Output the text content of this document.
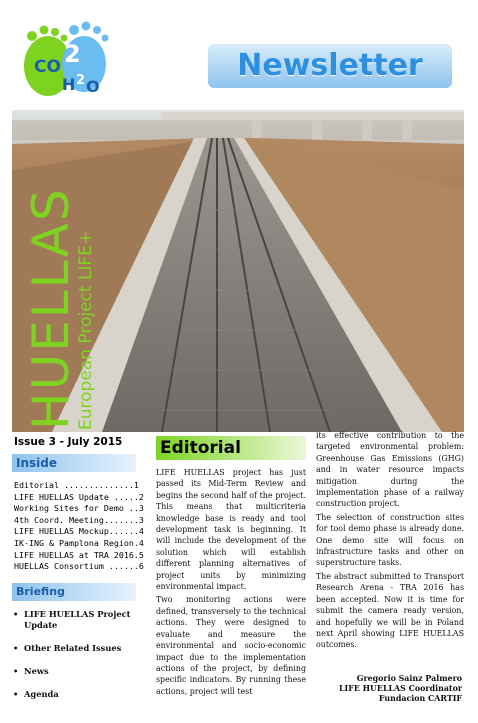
CO 2
H 2 O
Newsletter
HUELLAS
European Project LIFE+
Issue 3 - July 2015
Inside
Editorial ..............1
LIFE HUELLAS Update .....2
Working Sites for Demo ..3
4th Coord. Meeting.......3
LIFE HUELLAS Mockup......4
IK-ING & Pamplona Region.4
LIFE HUELLAS at TRA 2016.5
HUELLAS Consortium ......6
Briefing
• LIFE HUELLAS Project Update
• Other Related Issues
• News
• Agenda
Editorial

LIFE HUELLAS project has just passed its Mid-Term Review and begins the second half of the project. This means that multicriteria knowledge base is ready and tool development task is beginning. It will include the development of the solution which will establish different planning alternatives of project units by minimizing environmental impact.

Two monitoring actions were defined, transversely to the technical actions. They were designed to evaluate and measure the environmental and socio-economic impact due to the implementation actions of the project, by defining specific indicators. By running these actions, project will test

its effective contribution to the targeted environmental problem: Greenhouse Gas Emissions (GHG) and in water resource impacts mitigation during the implementation phase of a railway construction project.

The selection of construction sites for tool demo phase is already done. One demo site will focus on infrastructure tasks and other on superstructure tasks.

The abstract submitted to Transport Research Arena - TRA 2016 has been accepted. Now it is time for submit the camera ready version, and hopefully we will be in Poland next April showing LIFE HUELLAS outcomes.

Gregorio Sainz Palmero
LIFE HUELLAS Coordinator
Fundacion CARTIF
